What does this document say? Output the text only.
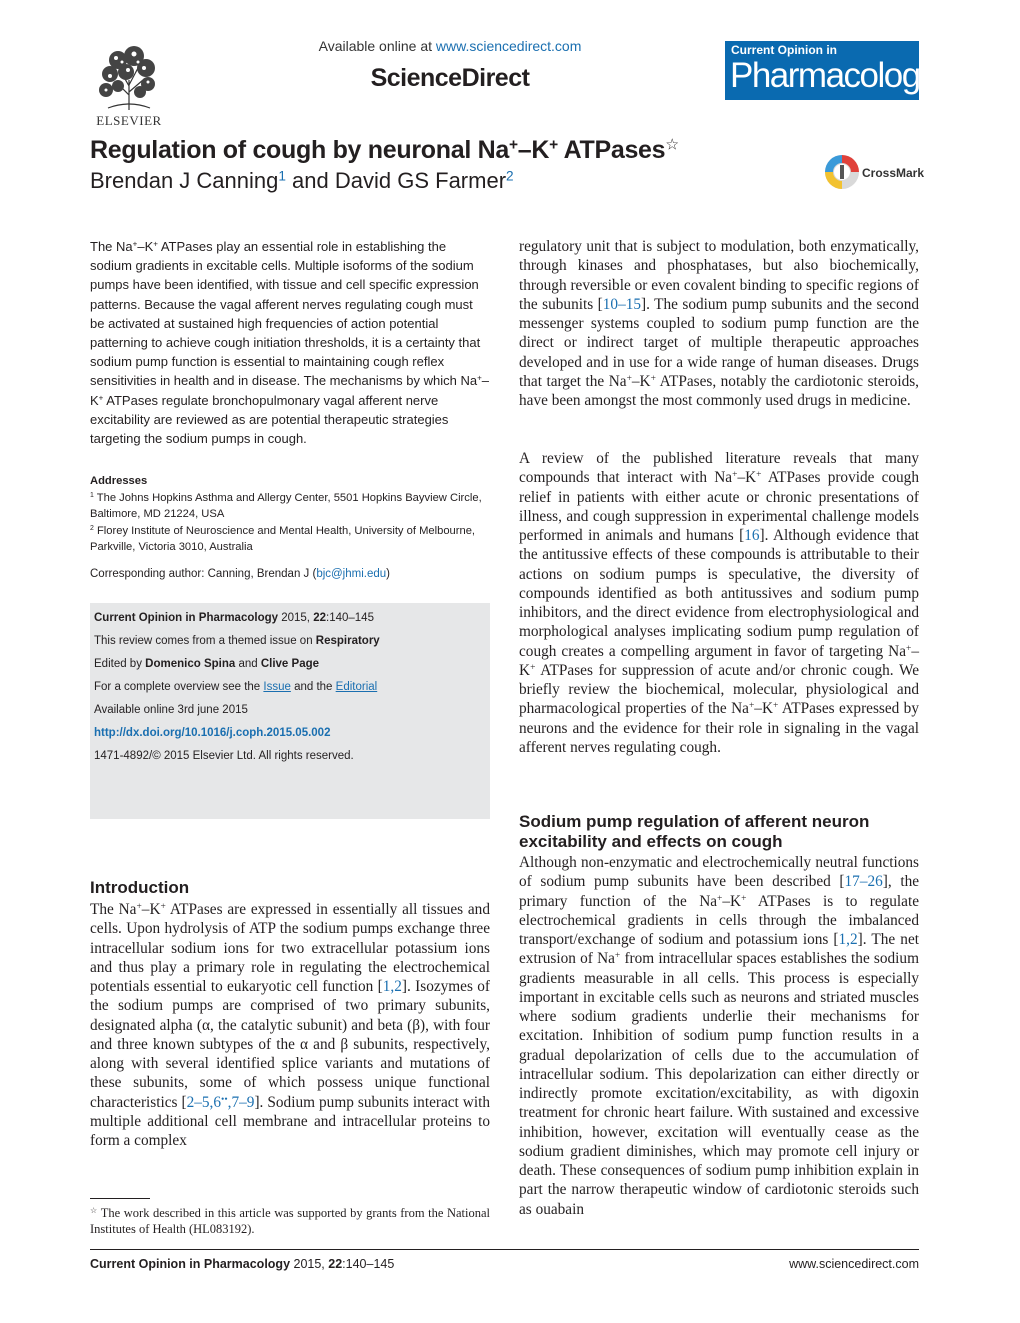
ELSEVIER
Available online at www.sciencedirect.com
ScienceDirect
Current Opinion in
Pharmacology
Regulation of cough by neuronal Na+–K+ ATPases☆
Brendan J Canning$^1$ and David GS Farmer$^2$	CrossMark
The Na+–K+ ATPases play an essential role in establishing the sodium gradients in excitable cells. Multiple isoforms of the sodium pumps have been identified, with tissue and cell specific expression patterns. Because the vagal afferent nerves regulating cough must be activated at sustained high frequencies of action potential patterning to achieve cough initiation thresholds, it is a certainty that sodium pump function is essential to maintaining cough reflex sensitivities in health and in disease. The mechanisms by which Na+–K+ ATPases regulate bronchopulmonary vagal afferent nerve excitability are reviewed as are potential therapeutic strategies targeting the sodium pumps in cough.
Addresses
$^1$ The Johns Hopkins Asthma and Allergy Center, 5501 Hopkins Bayview Circle, Baltimore, MD 21224, USA
$^2$ Florey Institute of Neuroscience and Mental Health, University of Melbourne, Parkville, Victoria 3010, Australia
Corresponding author: Canning, Brendan J (bjc@jhmi.edu)
Current Opinion in Pharmacology 2015, 22:140–145
This review comes from a themed issue on Respiratory
Edited by Domenico Spina and Clive Page
For a complete overview see the Issue and the Editorial
Available online 3rd june 2015
http://dx.doi.org/10.1016/j.coph.2015.05.002
1471-4892/© 2015 Elsevier Ltd. All rights reserved.
Introduction
The Na+–K+ ATPases are expressed in essentially all tissues and cells. Upon hydrolysis of ATP the sodium pumps exchange three intracellular sodium ions for two extracellular potassium ions and thus play a primary role in regulating the electrochemical potentials essential to eukaryotic cell function [1,2]. Isozymes of the sodium pumps are comprised of two primary subunits, designated alpha (α, the catalytic subunit) and beta (β), with four and three known subtypes of the α and β subunits, respectively, along with several identified splice variants and mutations of these subunits, some of which possess unique functional characteristics [2–5,6••,7–9]. Sodium pump subunits interact with multiple additional cell membrane and intracellular proteins to form a complex
☆ The work described in this article was supported by grants from the National Institutes of Health (HL083192).
regulatory unit that is subject to modulation, both enzymatically, through kinases and phosphatases, but also biochemically, through reversible or even covalent binding to specific regions of the subunits [10–15]. The sodium pump subunits and the second messenger systems coupled to sodium pump function are the direct or indirect target of multiple therapeutic approaches developed and in use for a wide range of human diseases. Drugs that target the Na+–K+ ATPases, notably the cardiotonic steroids, have been amongst the most commonly used drugs in medicine.
A review of the published literature reveals that many compounds that interact with Na+–K+ ATPases provide cough relief in patients with either acute or chronic presentations of illness, and cough suppression in experimental challenge models performed in animals and humans [16]. Although evidence that the antitussive effects of these compounds is attributable to their actions on sodium pumps is speculative, the diversity of compounds identified as both antitussives and sodium pump inhibitors, and the direct evidence from electrophysiological and morphological analyses implicating sodium pump regulation of cough creates a compelling argument in favor of targeting Na+–K+ ATPases for suppression of acute and/or chronic cough. We briefly review the biochemical, molecular, physiological and pharmacological properties of the Na+–K+ ATPases expressed by neurons and the evidence for their role in signaling in the vagal afferent nerves regulating cough.
Sodium pump regulation of afferent neuron excitability and effects on cough
Although non-enzymatic and electrochemically neutral functions of sodium pump subunits have been described [17–26], the primary function of the Na+–K+ ATPases is to regulate electrochemical gradients in cells through the imbalanced transport/exchange of sodium and potassium ions [1,2]. The net extrusion of Na+ from intracellular spaces establishes the sodium gradients measurable in all cells. This process is especially important in excitable cells such as neurons and striated muscles where sodium gradients underlie their mechanisms for excitation. Inhibition of sodium pump function results in a gradual depolarization of cells due to the accumulation of intracellular sodium. This depolarization can either directly or indirectly promote excitation/excitability, as with digoxin treatment for chronic heart failure. With sustained and excessive inhibition, however, excitation will eventually cease as the sodium gradient diminishes, which may promote cell injury or death. These consequences of sodium pump inhibition explain in part the narrow therapeutic window of cardiotonic steroids such as ouabain
Current Opinion in Pharmacology 2015, 22:140–145	www.sciencedirect.com
